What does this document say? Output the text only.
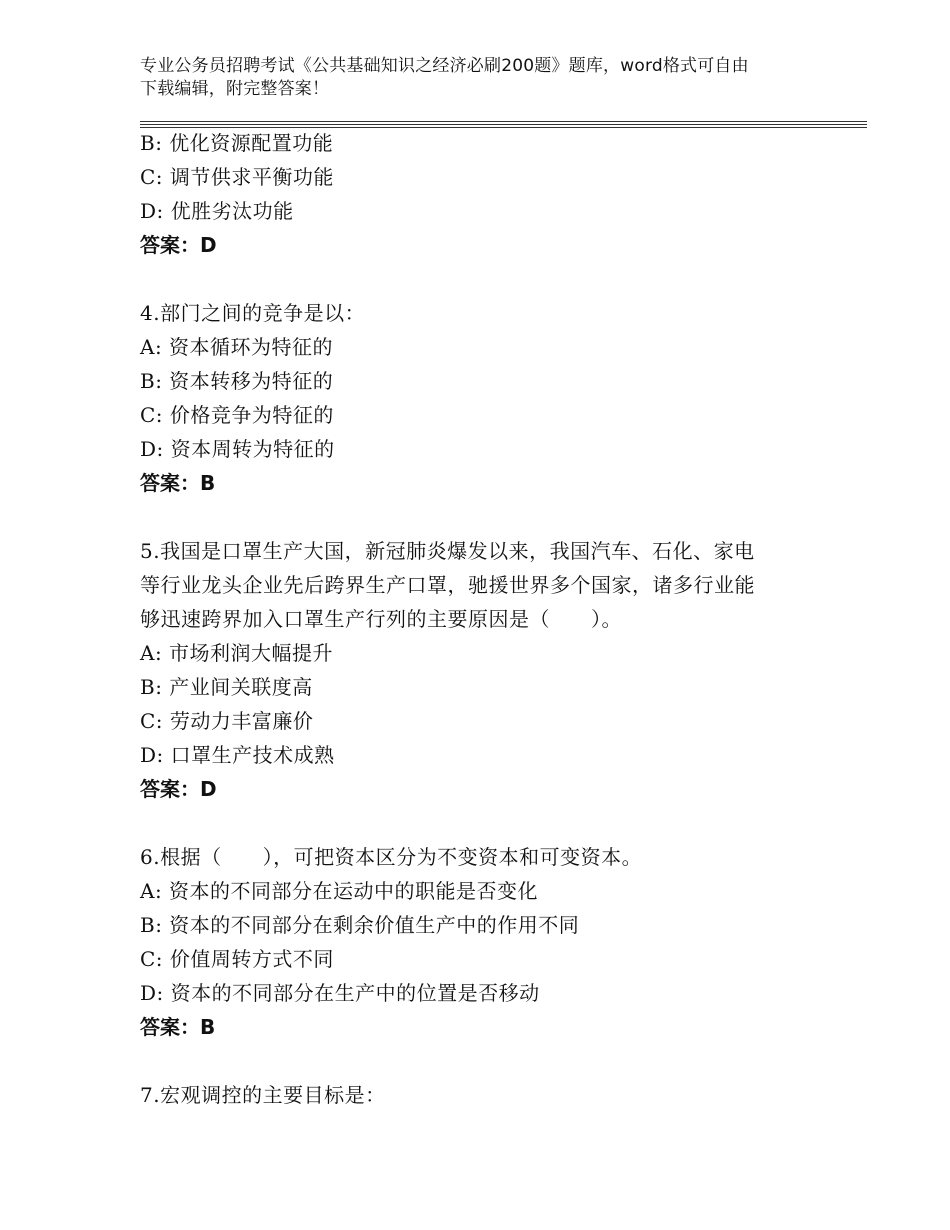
专业公务员招聘考试《公共基础知识之经济必刷200题》题库，word格式可自由
下载编辑，附完整答案！
B: 优化资源配置功能
C: 调节供求平衡功能
D: 优胜劣汰功能
答案：D
4.部门之间的竞争是以：
A: 资本循环为特征的
B: 资本转移为特征的
C: 价格竞争为特征的
D: 资本周转为特征的
答案：B
5.我国是口罩生产大国，新冠肺炎爆发以来，我国汽车、石化、家电
等行业龙头企业先后跨界生产口罩，驰援世界多个国家，诸多行业能
够迅速跨界加入口罩生产行列的主要原因是（　　）。
A: 市场利润大幅提升
B: 产业间关联度高
C: 劳动力丰富廉价
D: 口罩生产技术成熟
答案：D
6.根据（　　），可把资本区分为不变资本和可变资本。
A: 资本的不同部分在运动中的职能是否变化
B: 资本的不同部分在剩余价值生产中的作用不同
C: 价值周转方式不同
D: 资本的不同部分在生产中的位置是否移动
答案：B
7.宏观调控的主要目标是：
